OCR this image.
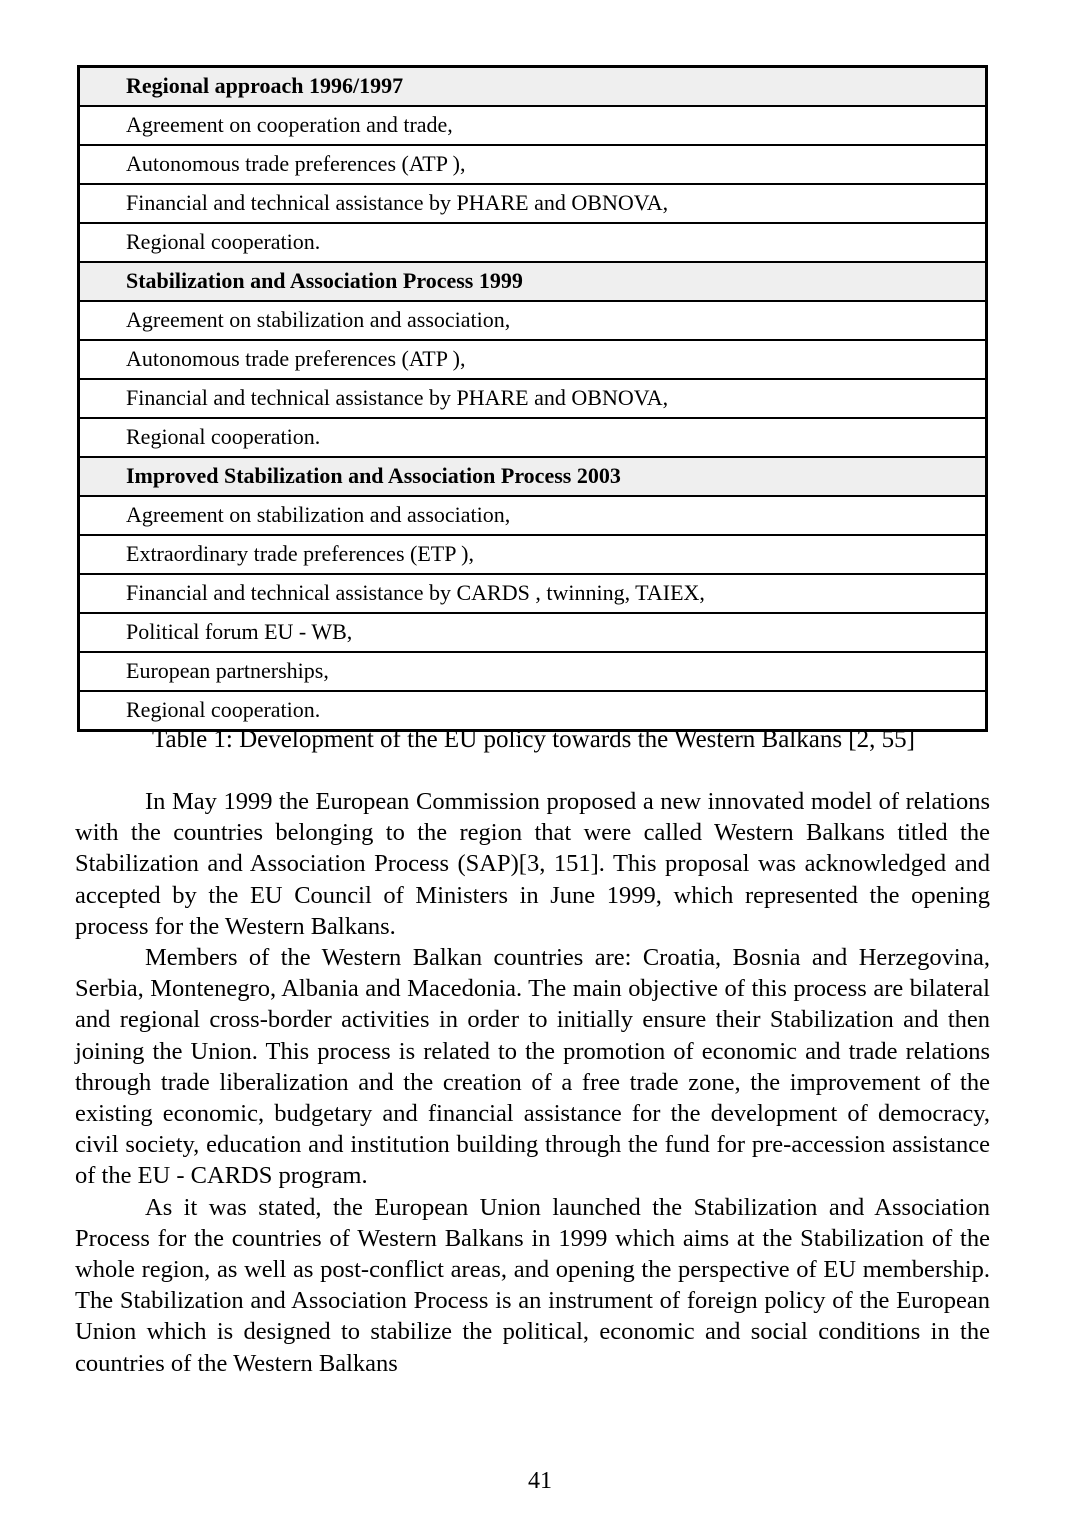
Regional approach 1996/1997
Agreement on cooperation and trade,
Autonomous trade preferences (ATP ),
Financial and technical assistance by PHARE and OBNOVA,
Regional cooperation.
Stabilization and Association Process 1999
Agreement on stabilization and association,
Autonomous trade preferences (ATP ),
Financial and technical assistance by PHARE and OBNOVA,
Regional cooperation.
Improved Stabilization and Association Process 2003
Agreement on stabilization and association,
Extraordinary trade preferences (ETP ),
Financial and technical assistance by CARDS , twinning, TAIEX,
Political forum EU - WB,
European partnerships,
Regional cooperation.
Table 1: Development of the EU policy towards the Western Balkans [2, 55]

In May 1999 the European Commission proposed a new innovated model of relations with the countries belonging to the region that were called Western Balkans titled the Stabilization and Association Process (SAP)[3, 151]. This proposal was acknowledged and accepted by the EU Council of Ministers in June 1999, which represented the opening process for the Western Balkans.

Members of the Western Balkan countries are: Croatia, Bosnia and Herzegovina, Serbia, Montenegro, Albania and Macedonia. The main objective of this process are bilateral and regional cross-border activities in order to initially ensure their Stabilization and then joining the Union. This process is related to the promotion of economic and trade relations through trade liberalization and the creation of a free trade zone, the improvement of the existing economic, budgetary and financial assistance for the development of democracy, civil society, education and institution building through the fund for pre-accession assistance of the EU - CARDS program.

As it was stated, the European Union launched the Stabilization and Association Process for the countries of Western Balkans in 1999 which aims at the Stabilization of the whole region, as well as post-conflict areas, and opening the perspective of EU membership. The Stabilization and Association Process is an instrument of foreign policy of the European Union which is designed to stabilize the political, economic and social conditions in the countries of the Western Balkans

41
